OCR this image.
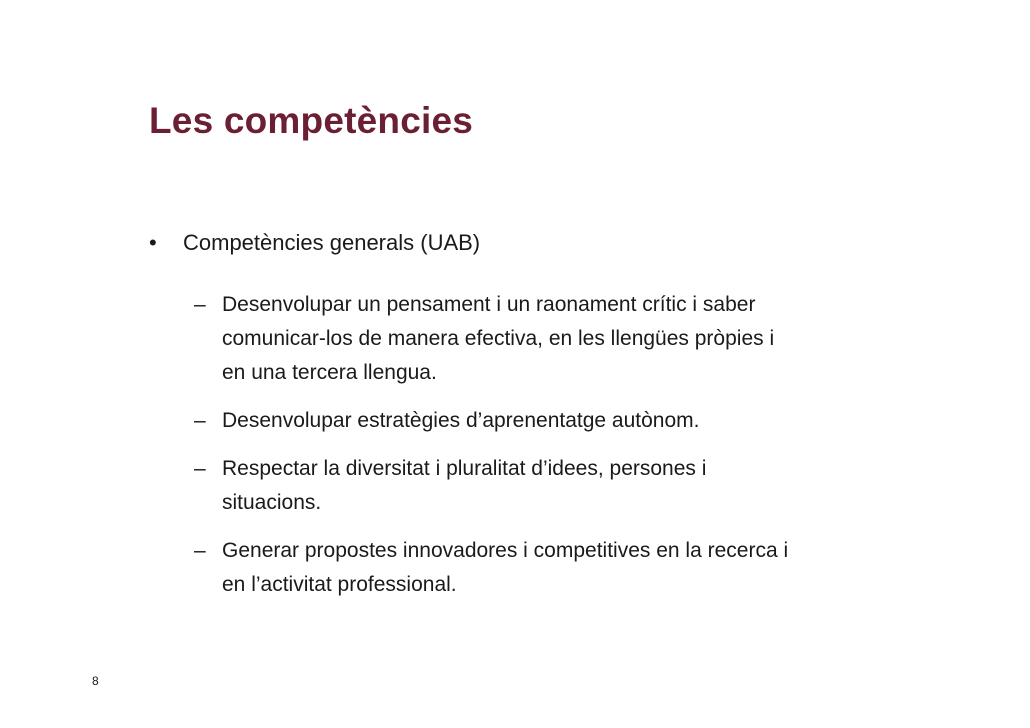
Les competències
• Competències generals (UAB)
– Desenvolupar un pensament i un raonament crític i saber
comunicar-los de manera efectiva, en les llengües pròpies i
en una tercera llengua.
– Desenvolupar estratègies d’aprenentatge autònom.
– Respectar la diversitat i pluralitat d’idees, persones i
situacions.
– Generar propostes innovadores i competitives en la recerca i
en l’activitat professional.
8
